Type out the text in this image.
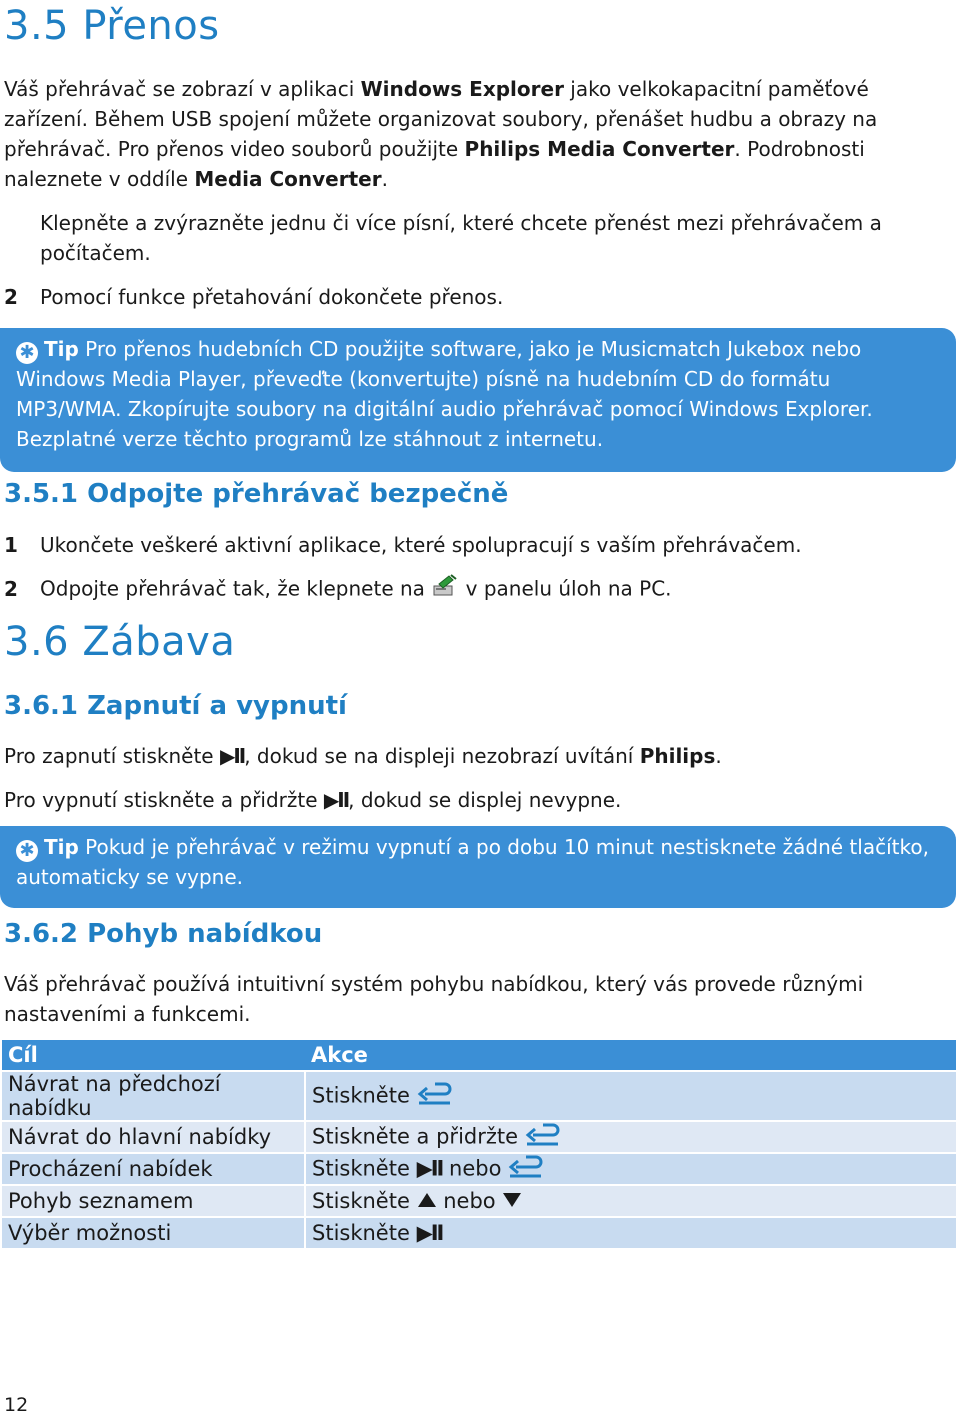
3.5 Přenos
Váš přehrávač se zobrazí v aplikaci Windows Explorer jako velkokapacitní paměťové zařízení. Během USB spojení můžete organizovat soubory, přenášet hudbu a obrazy na přehrávač. Pro přenos video souborů použijte Philips Media Converter. Podrobnosti naleznete v oddíle Media Converter.
Klepněte a zvýrazněte jednu či více písní, které chcete přenést mezi přehrávačem a počítačem.
2 Pomocí funkce přetahování dokončete přenos.
✱ Tip Pro přenos hudebních CD použijte software, jako je Musicmatch Jukebox nebo Windows Media Player, převeďte (konvertujte) písně na hudebním CD do formátu MP3/WMA. Zkopírujte soubory na digitální audio přehrávač pomocí Windows Explorer. Bezplatné verze těchto programů lze stáhnout z internetu.
3.5.1 Odpojte přehrávač bezpečně
1 Ukončete veškeré aktivní aplikace, které spolupracují s vaším přehrávačem.
2 Odpojte přehrávač tak, že klepnete na  v panelu úloh na PC.
3.6 Zábava
3.6.1 Zapnutí a vypnutí
Pro zapnutí stiskněte ▶II, dokud se na displeji nezobrazí uvítání Philips.
Pro vypnutí stiskněte a přidržte ▶II, dokud se displej nevypne.
✱ Tip Pokud je přehrávač v režimu vypnutí a po dobu 10 minut nestisknete žádné tlačítko, automaticky se vypne.
3.6.2 Pohyb nabídkou
Váš přehrávač používá intuitivní systém pohybu nabídkou, který vás provede různými nastaveními a funkcemi.
Cíl	Akce
Návrat na předchozí nabídku	Stiskněte
Návrat do hlavní nabídky	Stiskněte a přidržte
Procházení nabídek	Stiskněte ▶II nebo
Pohyb seznamem	Stiskněte  nebo
Výběr možnosti	Stiskněte ▶II
12
